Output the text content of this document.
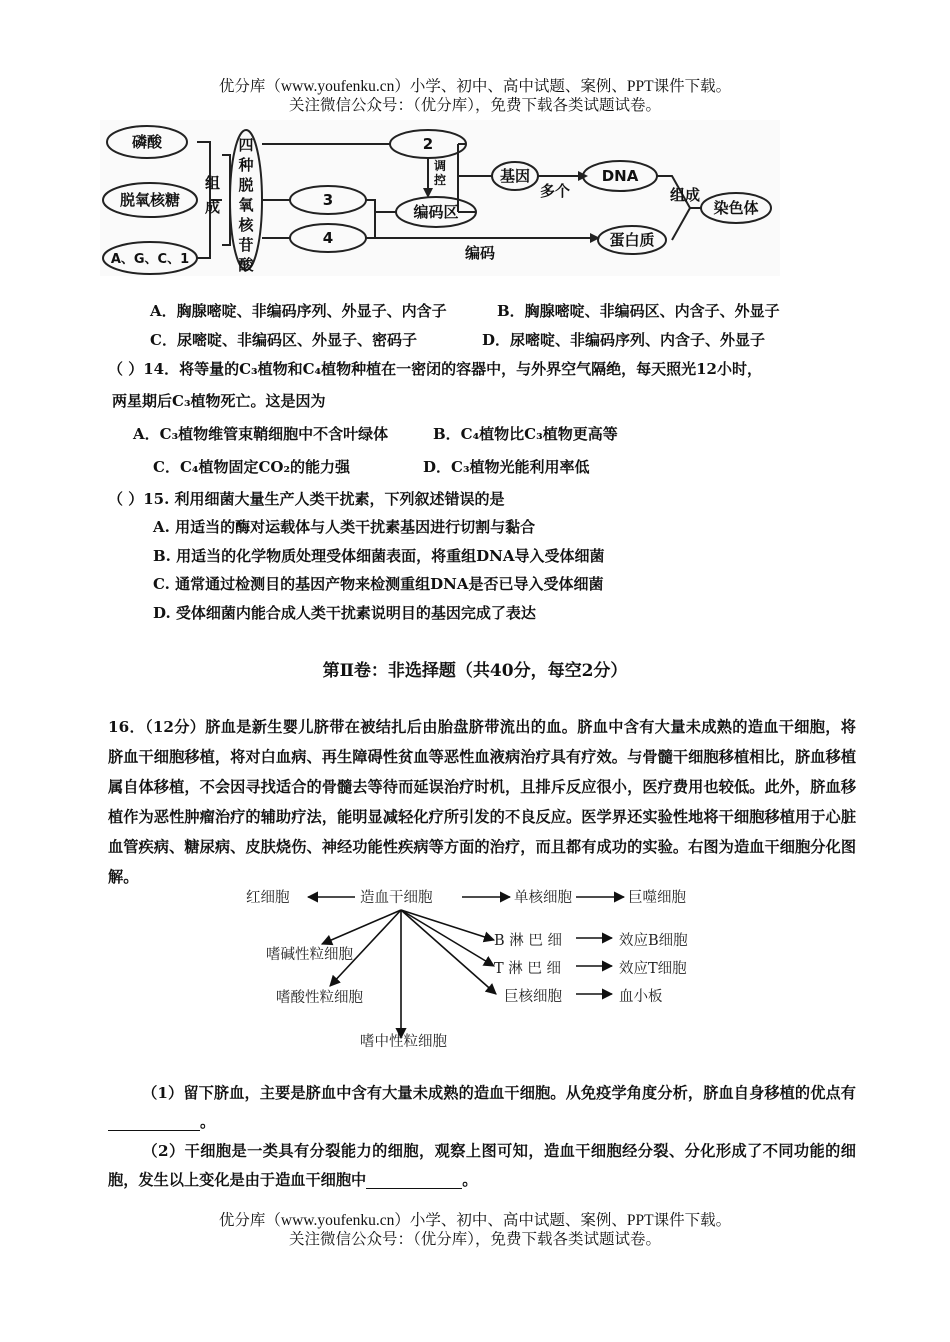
优分库（www.youfenku.cn）小学、初中、高中试题、案例、PPT课件下载。
关注微信公众号：（优分库），免费下载各类试题试卷。
磷酸
脱氧核糖
A、G、C、1
组成
四种脱氧核苷酸
2
3
4
调控
编码区
基因
多个
DNA
组成
染色体
蛋白质
编码
A．胸腺嘧啶、非编码序列、外显子、内含子	B．胸腺嘧啶、非编码区、内含子、外显子
C．尿嘧啶、非编码区、外显子、密码子	D．尿嘧啶、非编码序列、内含子、外显子
（ ）14．将等量的C₃植物和C₄植物种植在一密闭的容器中，与外界空气隔绝，每天照光12小时，
两星期后C₃植物死亡。这是因为
A．C₃植物维管束鞘细胞中不含叶绿体	B．C₄植物比C₃植物更高等
C．C₄植物固定CO₂的能力强	D．C₃植物光能利用率低
（ ）15. 利用细菌大量生产人类干扰素，下列叙述错误的是
A. 用适当的酶对运载体与人类干扰素基因进行切割与黏合
B. 用适当的化学物质处理受体细菌表面，将重组DNA导入受体细菌
C. 通常通过检测目的基因产物来检测重组DNA是否已导入受体细菌
D. 受体细菌内能合成人类干扰素说明目的基因完成了表达
第Ⅱ卷：非选择题（共40分，每空2分）
16．（12分）脐血是新生婴儿脐带在被结扎后由胎盘脐带流出的血。脐血中含有大量未成熟的造血干细胞，将脐血干细胞移植，将对白血病、再生障碍性贫血等恶性血液病治疗具有疗效。与骨髓干细胞移植相比，脐血移植属自体移植，不会因寻找适合的骨髓去等待而延误治疗时机，且排斥反应很小，医疗费用也较低。此外，脐血移植作为恶性肿瘤治疗的辅助疗法，能明显减轻化疗所引发的不良反应。医学界还实验性地将干细胞移植用于心脏血管疾病、糖尿病、皮肤烧伤、神经功能性疾病等方面的治疗，而且都有成功的实验。右图为造血干细胞分化图解。
红细胞	造血干细胞	单核细胞	巨噬细胞
嗜碱性粒细胞
嗜酸性粒细胞
嗜中性粒细胞
B 淋 巴 细	效应B细胞
T 淋 巴 细	效应T细胞
巨核细胞	血小板
（1）留下脐血，主要是脐血中含有大量未成熟的造血干细胞。从免疫学角度分析，脐血自身移植的优点有。
（2）干细胞是一类具有分裂能力的细胞，观察上图可知，造血干细胞经分裂、分化形成了不同功能的细胞，发生以上变化是由于造血干细胞中	。
优分库（www.youfenku.cn）小学、初中、高中试题、案例、PPT课件下载。
关注微信公众号：（优分库），免费下载各类试题试卷。
